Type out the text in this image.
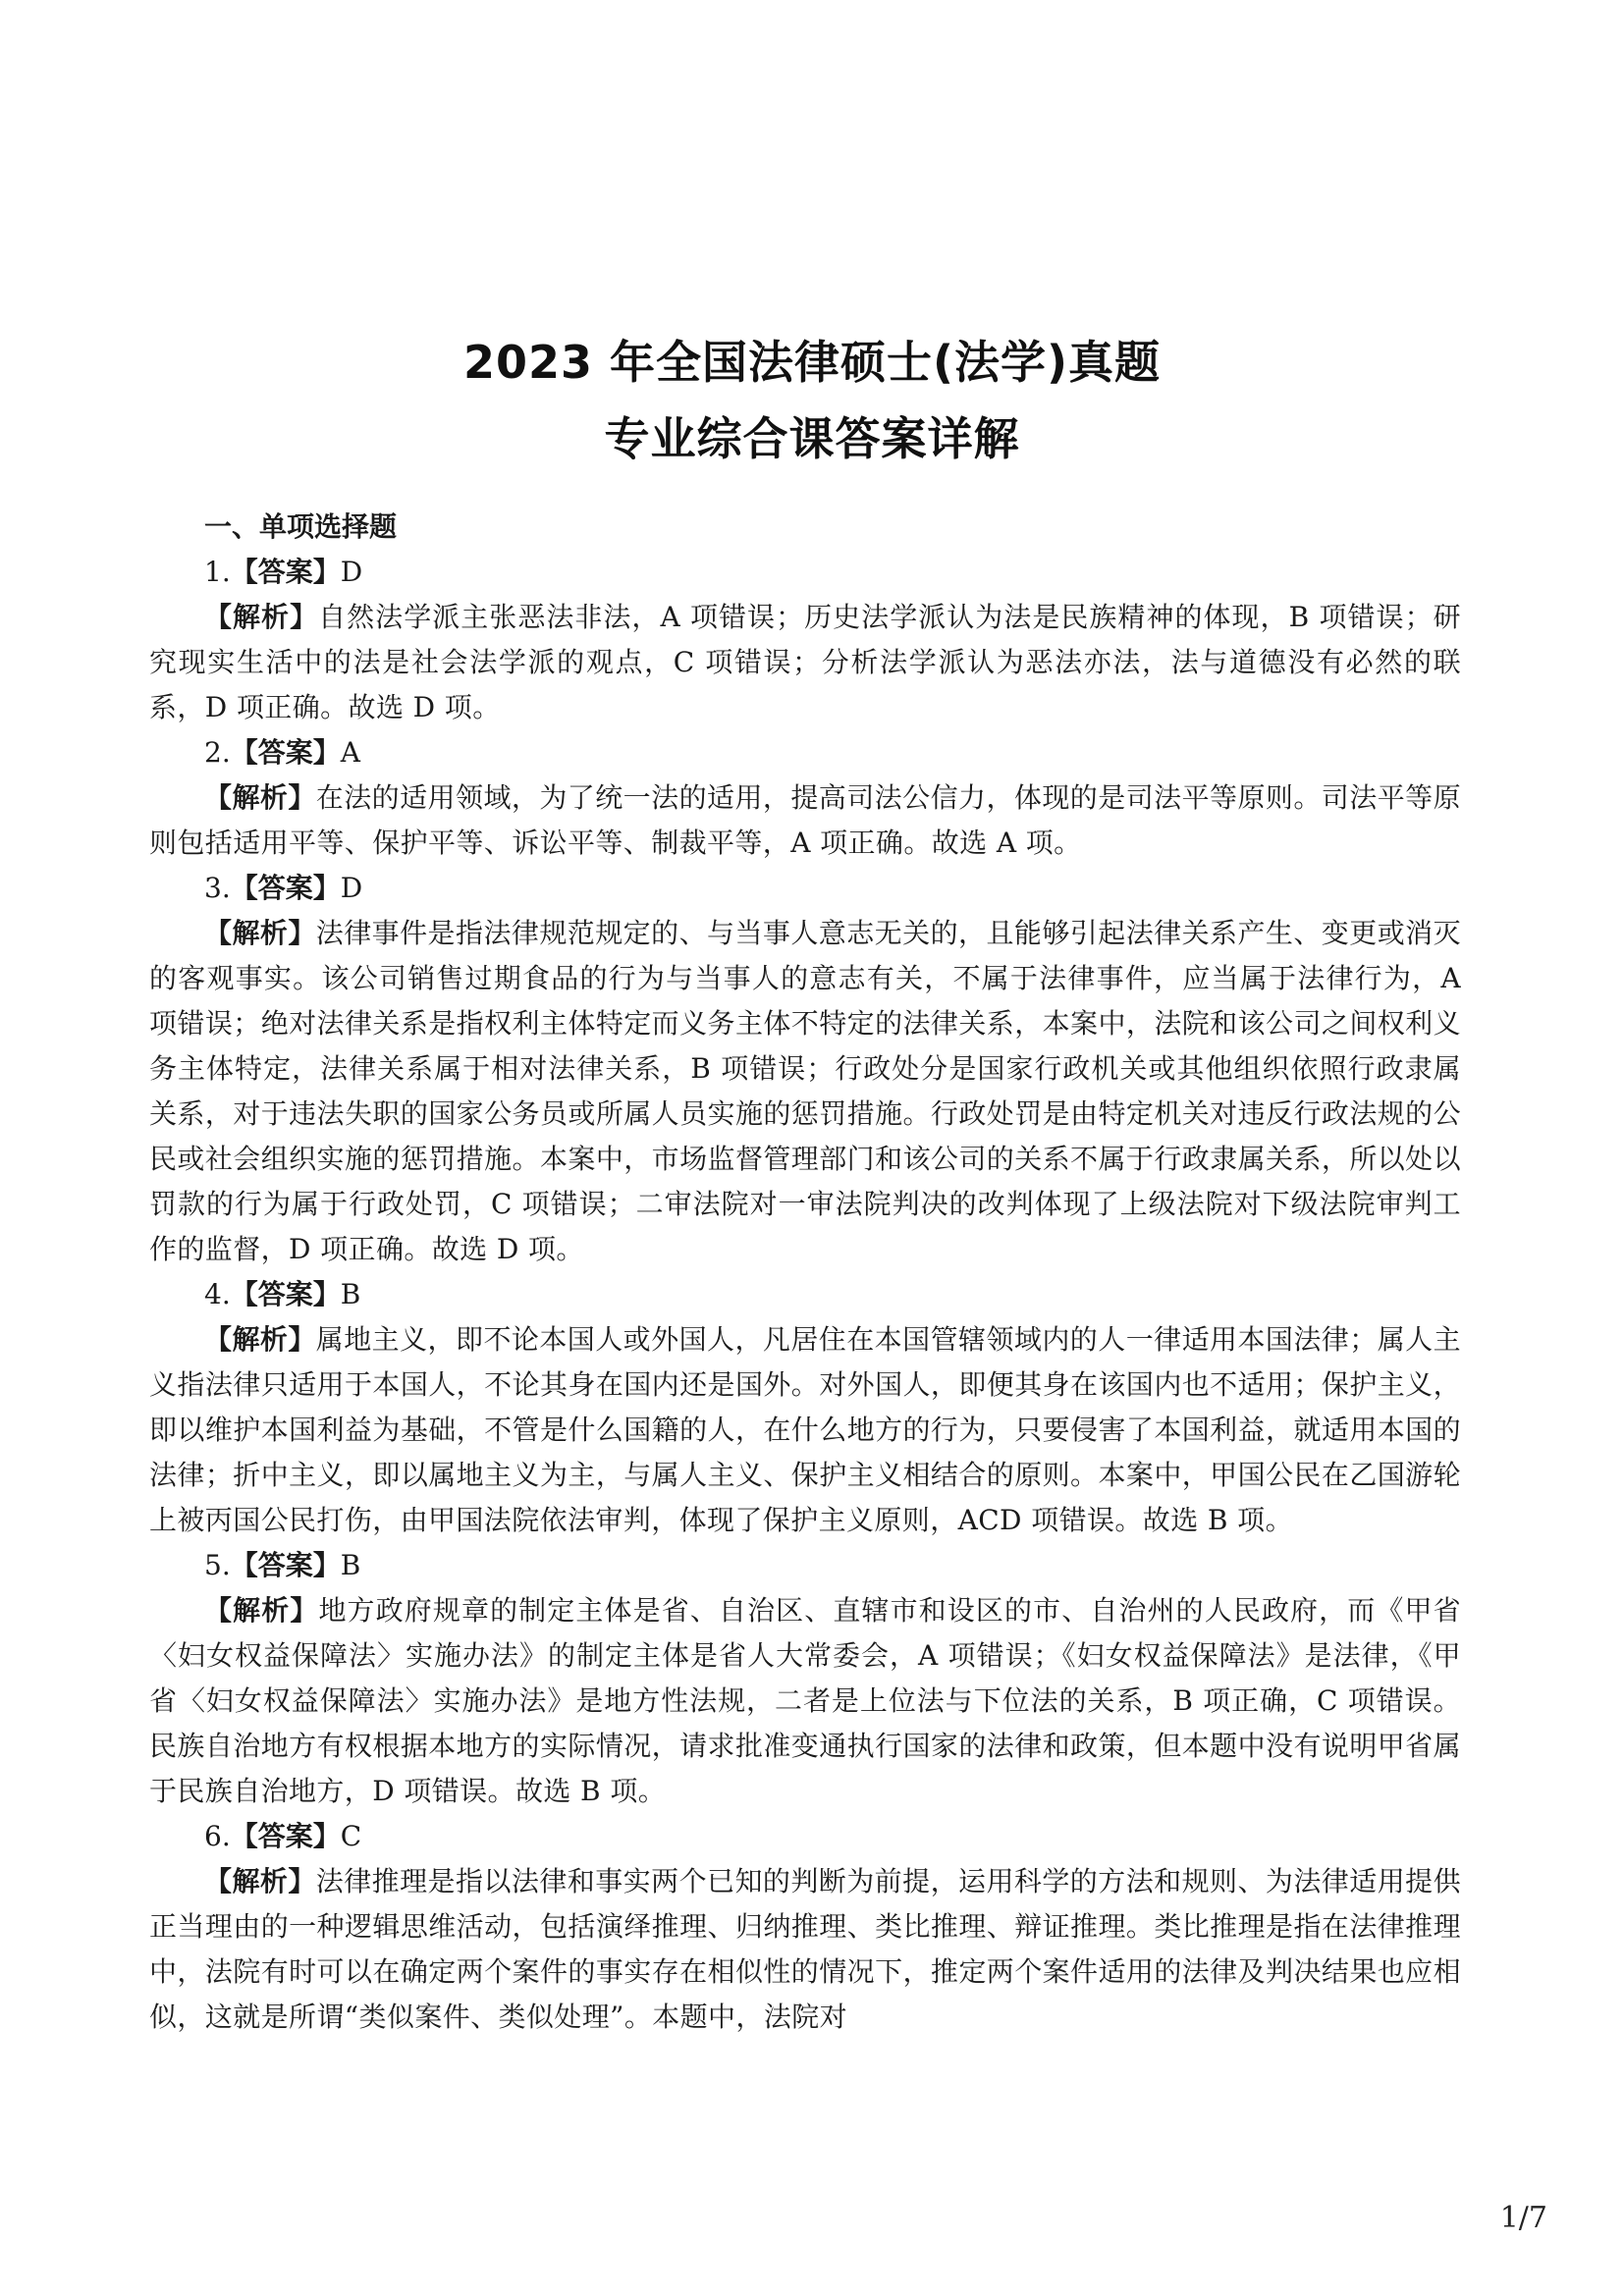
2023 年全国法律硕士(法学)真题
专业综合课答案详解

一、单项选择题

1.【答案】D

【解析】自然法学派主张恶法非法，A 项错误；历史法学派认为法是民族精神的体现，B 项错误；研究现实生活中的法是社会法学派的观点，C 项错误；分析法学派认为恶法亦法，法与道德没有必然的联系，D 项正确。故选 D 项。

2.【答案】A

【解析】在法的适用领域，为了统一法的适用，提高司法公信力，体现的是司法平等原则。司法平等原则包括适用平等、保护平等、诉讼平等、制裁平等，A 项正确。故选 A 项。

3.【答案】D

【解析】法律事件是指法律规范规定的、与当事人意志无关的，且能够引起法律关系产生、变更或消灭的客观事实。该公司销售过期食品的行为与当事人的意志有关，不属于法律事件，应当属于法律行为，A 项错误；绝对法律关系是指权利主体特定而义务主体不特定的法律关系，本案中，法院和该公司之间权利义务主体特定，法律关系属于相对法律关系，B 项错误；行政处分是国家行政机关或其他组织依照行政隶属关系，对于违法失职的国家公务员或所属人员实施的惩罚措施。行政处罚是由特定机关对违反行政法规的公民或社会组织实施的惩罚措施。本案中，市场监督管理部门和该公司的关系不属于行政隶属关系，所以处以罚款的行为属于行政处罚，C 项错误；二审法院对一审法院判决的改判体现了上级法院对下级法院审判工作的监督，D 项正确。故选 D 项。

4.【答案】B

【解析】属地主义，即不论本国人或外国人，凡居住在本国管辖领域内的人一律适用本国法律；属人主义指法律只适用于本国人，不论其身在国内还是国外。对外国人，即便其身在该国内也不适用；保护主义，即以维护本国利益为基础，不管是什么国籍的人，在什么地方的行为，只要侵害了本国利益，就适用本国的法律；折中主义，即以属地主义为主，与属人主义、保护主义相结合的原则。本案中，甲国公民在乙国游轮上被丙国公民打伤，由甲国法院依法审判，体现了保护主义原则，ACD 项错误。故选 B 项。

5.【答案】B

【解析】地方政府规章的制定主体是省、自治区、直辖市和设区的市、自治州的人民政府，而《甲省〈妇女权益保障法〉实施办法》的制定主体是省人大常委会，A 项错误；《妇女权益保障法》是法律，《甲省〈妇女权益保障法〉实施办法》是地方性法规，二者是上位法与下位法的关系，B 项正确，C 项错误。民族自治地方有权根据本地方的实际情况，请求批准变通执行国家的法律和政策，但本题中没有说明甲省属于民族自治地方，D 项错误。故选 B 项。

6.【答案】C

【解析】法律推理是指以法律和事实两个已知的判断为前提，运用科学的方法和规则、为法律适用提供正当理由的一种逻辑思维活动，包括演绎推理、归纳推理、类比推理、辩证推理。类比推理是指在法律推理中，法院有时可以在确定两个案件的事实存在相似性的情况下，推定两个案件适用的法律及判决结果也应相似，这就是所谓“类似案件、类似处理”。本题中，法院对

1/7
